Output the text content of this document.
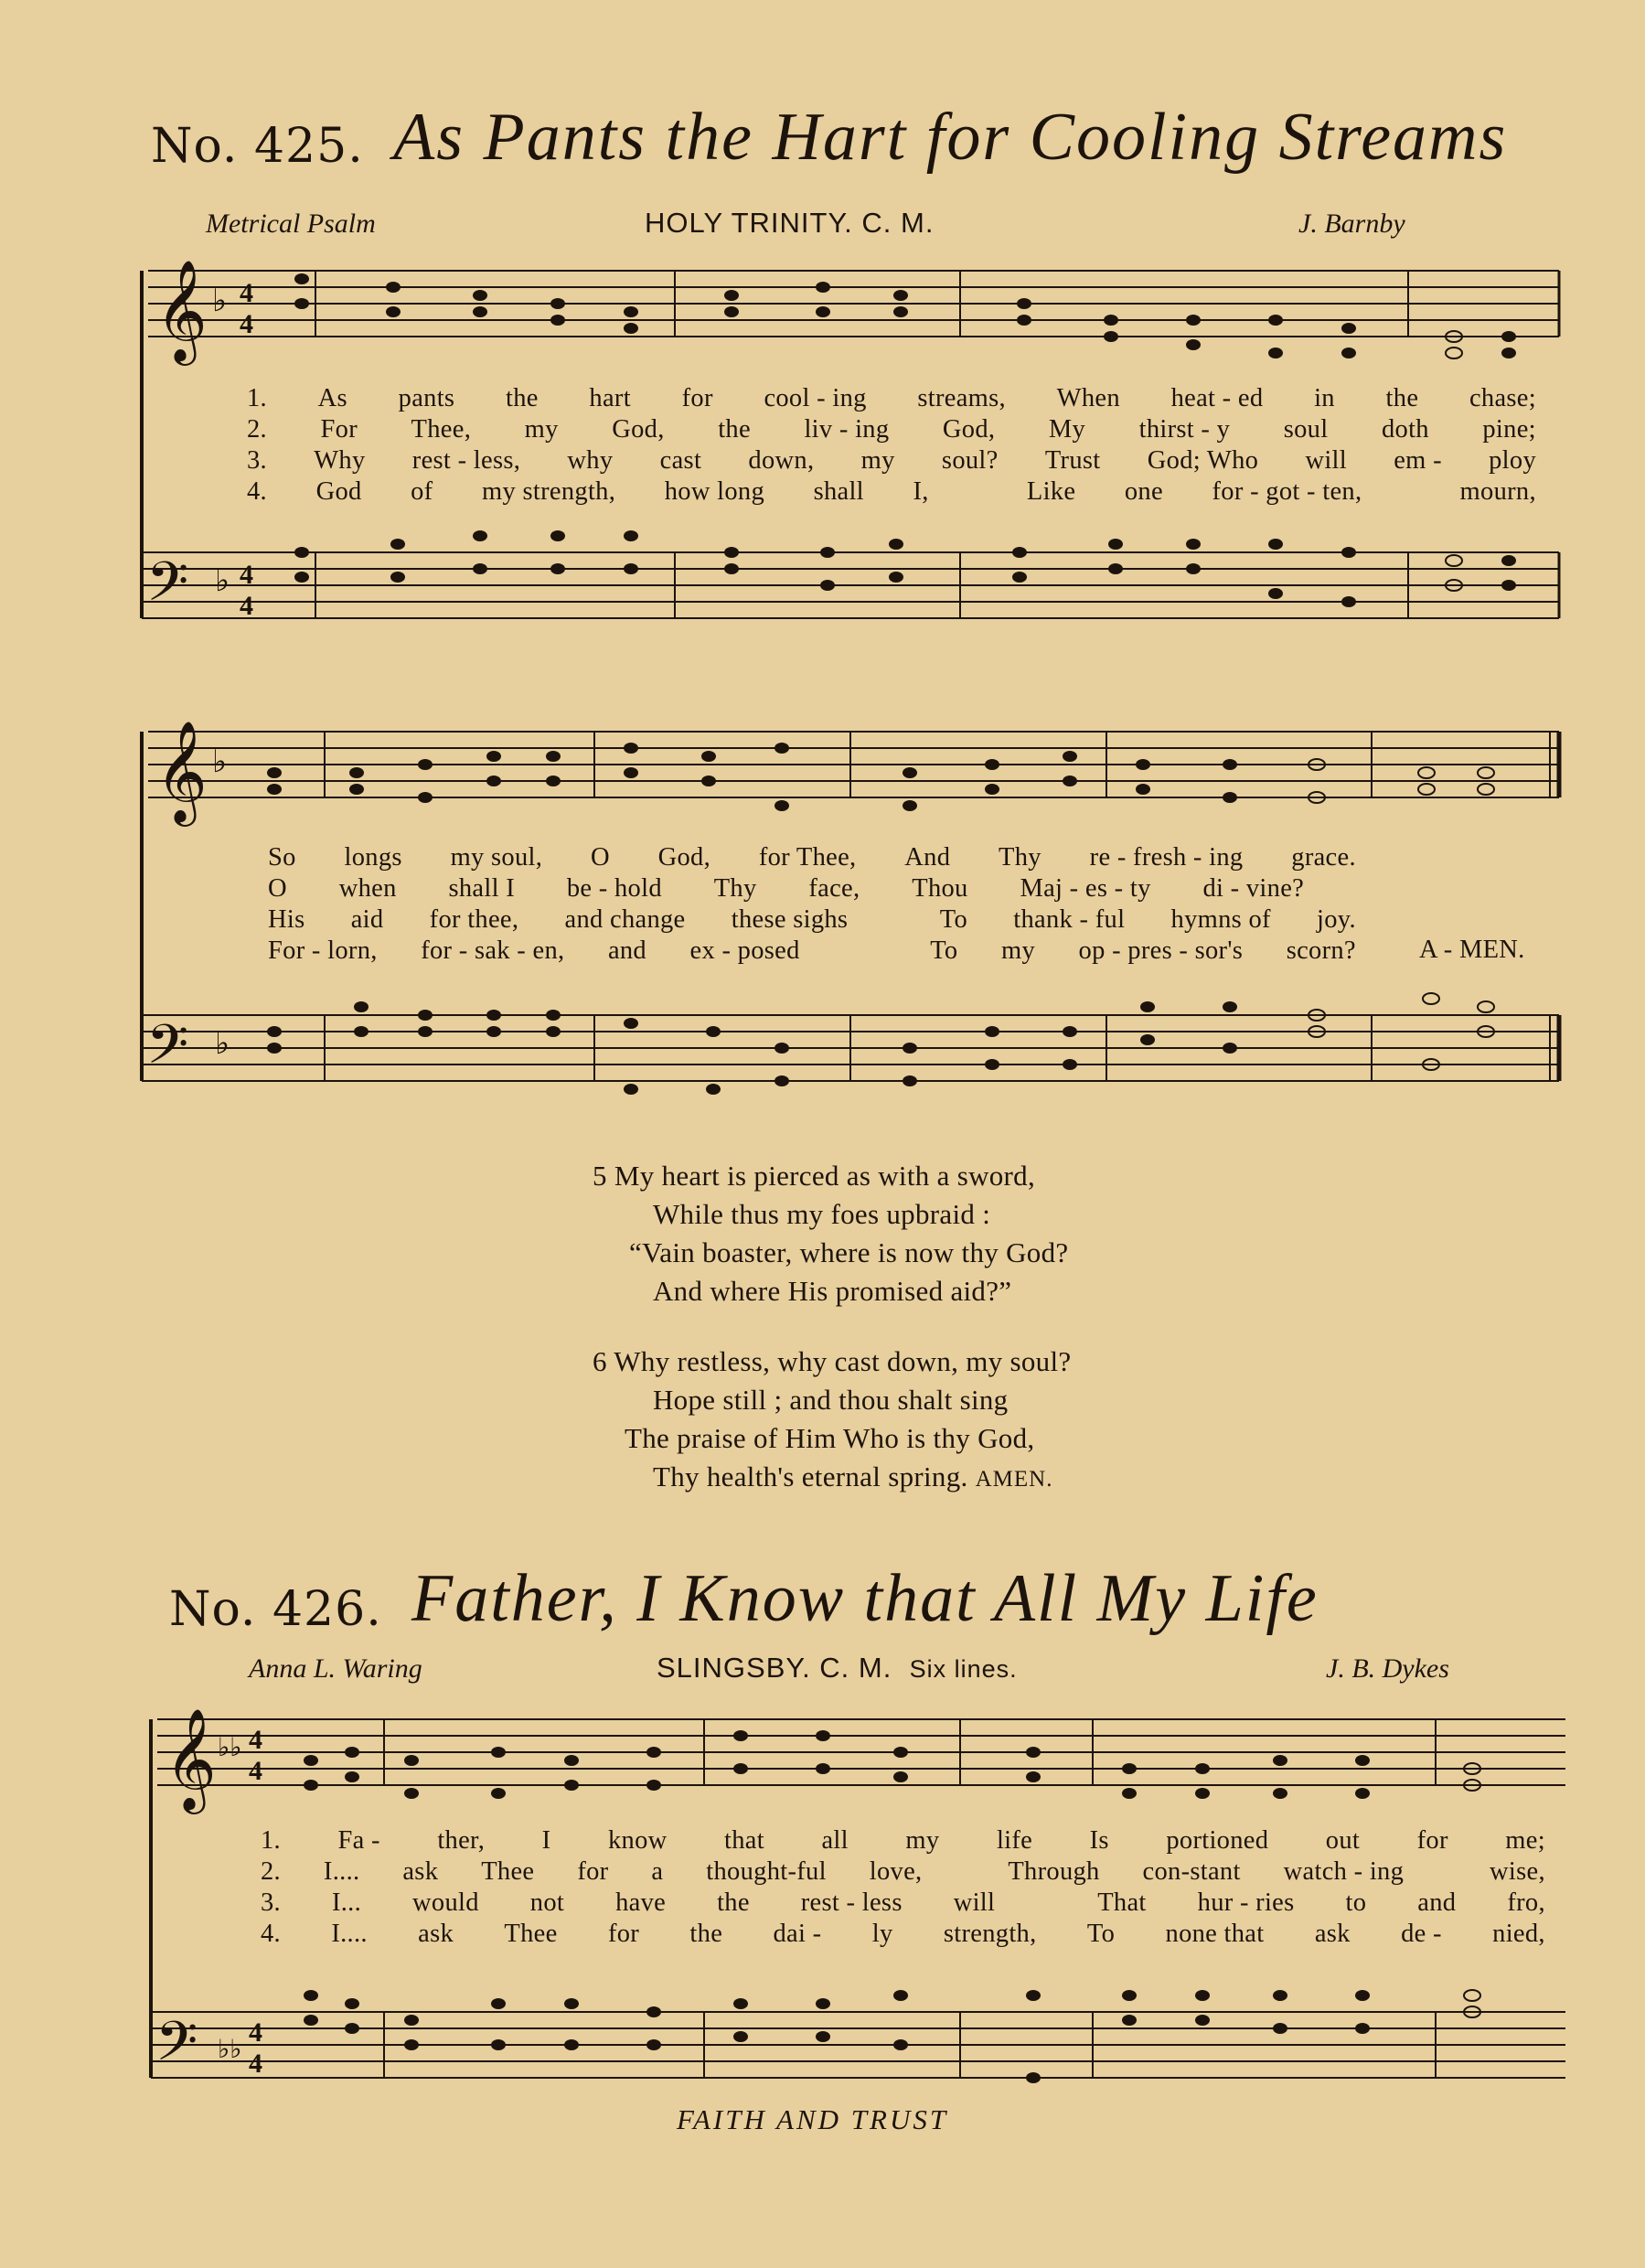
No. 425. As Pants the Hart for Cooling Streams
Metrical Psalm	HOLY TRINITY. C. M.	J. Barnby
𝄞
𝄢
♭
♭
4
4
4
4
1. As pants the hart for cool - ing streams, When heat - ed in the chase;
2. For Thee, my God, the liv - ing God, My thirst - y soul doth pine;
3. Why rest - less, why cast down, my soul? Trust God; Who will em - ploy
4. God of my strength, how long shall I,	Like one for - got - ten,	mourn,
𝄞
𝄢
♭
♭
So longs my soul, O God, for Thee, And Thy re - fresh - ing grace.
O when shall I be - hold Thy face, Thou Maj - es - ty di - vine?
His aid for thee, and change these sighs	To thank - ful hymns of joy.
For - lorn, for - sak - en, and ex - posed	To my op - pres - sor's scorn? A - MEN.
5 My heart is pierced as with a sword,
While thus my foes upbraid :
“Vain boaster, where is now thy God?
And where His promised aid?”
6 Why restless, why cast down, my soul?
Hope still ; and thou shalt sing
The praise of Him Who is thy God,
Thy health's eternal spring. AMEN.
No. 426. Father, I Know that All My Life
Anna L. Waring	SLINGSBY. C. M. Six lines.	J. B. Dykes
𝄞
𝄢
♭♭
♭♭
4
4
4
4
1. Fa - ther, I know that all my life Is portioned out for me;
2. I.... ask Thee for a thought-ful love,	Through con-stant watch - ing	wise,
3. I... would not have the rest - less will	That hur - ries to and fro,
4. I.... ask Thee for the dai - ly strength, To none that ask de - nied,
FAITH AND TRUST
